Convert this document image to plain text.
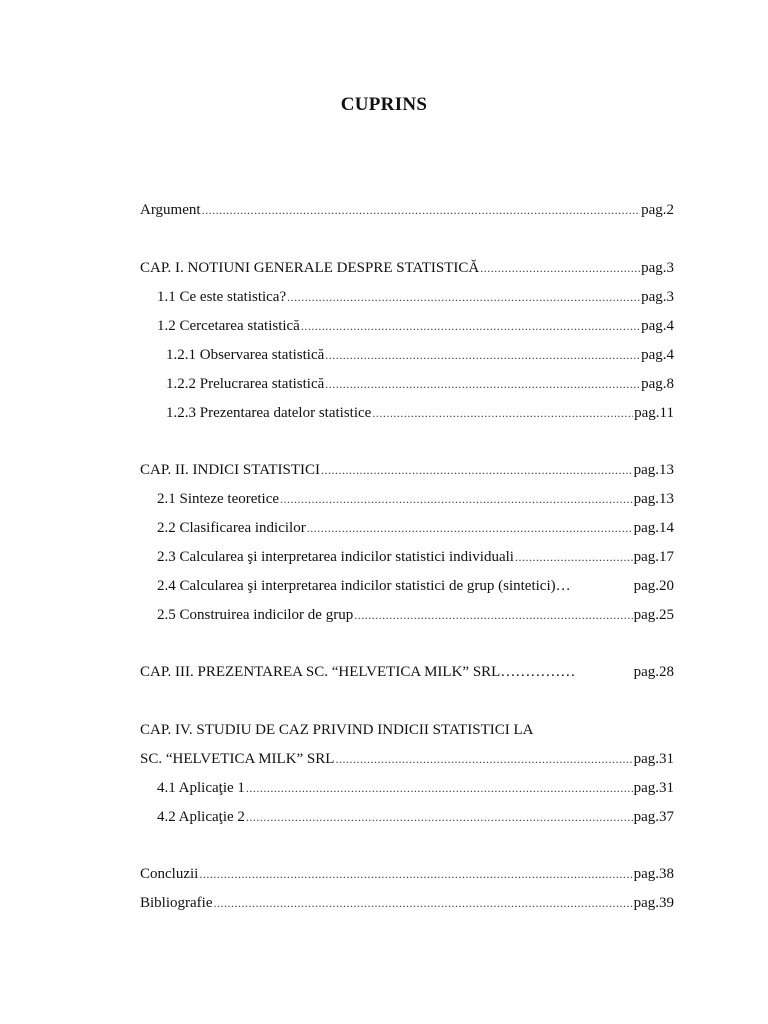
CUPRINS
Argument .....	pag.2
CAP. I. NOTIUNI GENERALE DESPRE STATISTICĂ .....	pag.3
1.1 Ce este statistica? .....	pag.3
1.2 Cercetarea statistică .....	pag.4
1.2.1 Observarea statistică .....	pag.4
1.2.2 Prelucrarea statistică .....	pag.8
1.2.3 Prezentarea datelor statistice .....	pag.11
CAP. II. INDICI STATISTICI .....	pag.13
2.1 Sinteze teoretice .....	pag.13
2.2 Clasificarea indicilor .....	pag.14
2.3 Calcularea şi interpretarea indicilor statistici individuali .....	pag.17
2.4 Calcularea şi interpretarea indicilor statistici de grup (sintetici)…	pag.20
2.5 Construirea indicilor de grup .....	pag.25
CAP. III. PREZENTAREA SC. “HELVETICA MILK” SRL……………	pag.28
CAP. IV. STUDIU DE CAZ PRIVIND INDICII STATISTICI LA
SC. “HELVETICA MILK” SRL .....	pag.31
4.1 Aplicaţie 1 .....	pag.31
4.2 Aplicaţie 2 .....	pag.37
Concluzii .....	pag.38
Bibliografie .....	pag.39
